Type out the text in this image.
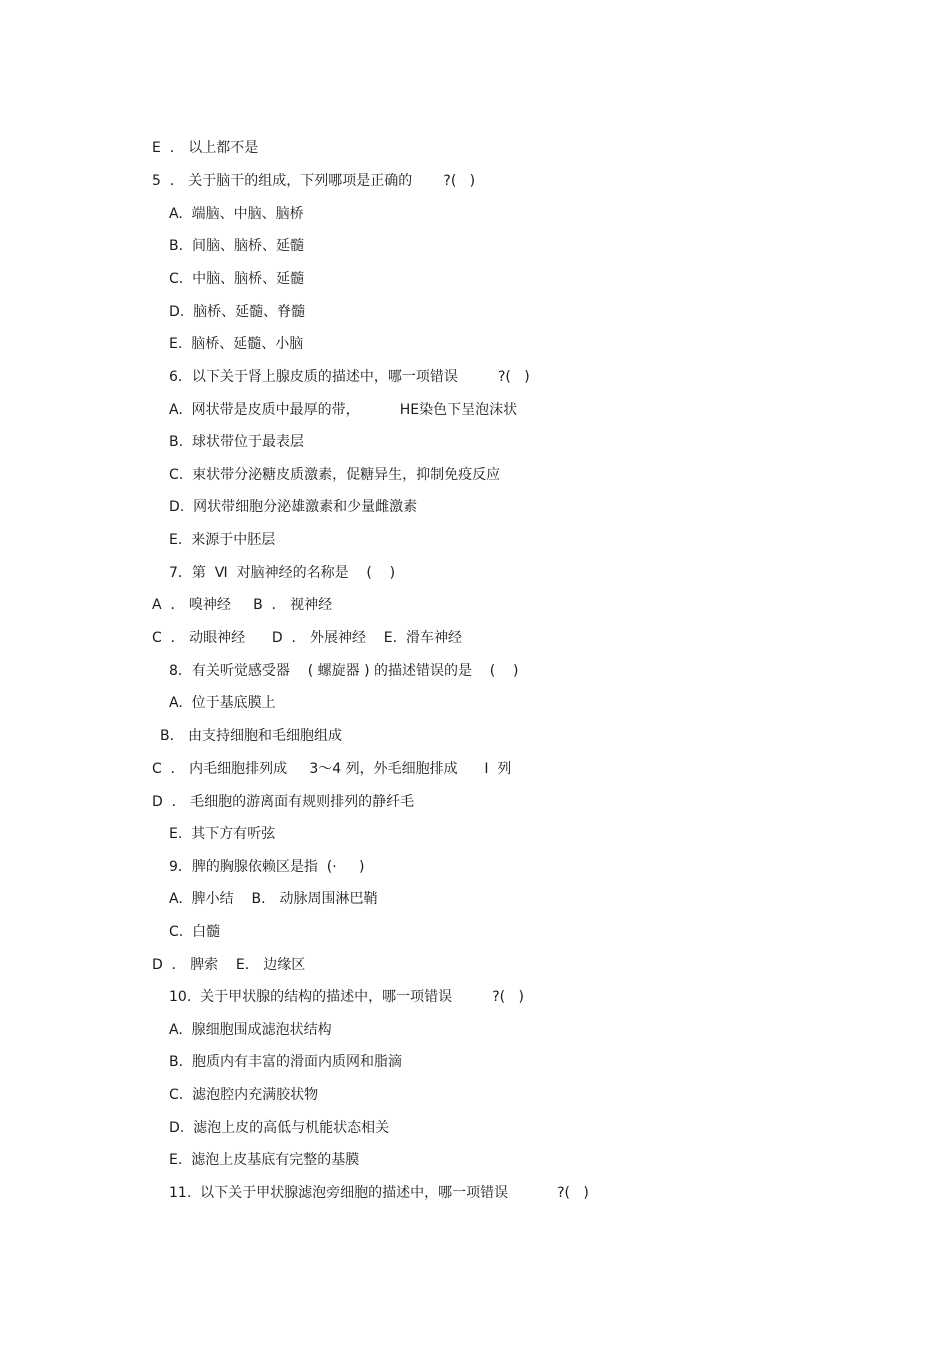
E  ． 以上都不是
5  ． 关于脑干的组成，下列哪项是正确的       ?(   )
A.  端脑、中脑、脑桥
B.  间脑、脑桥、延髓
C.  中脑、脑桥、延髓
D.  脑桥、延髓、脊髓
E.  脑桥、延髓、小脑
6．以下关于肾上腺皮质的描述中，哪一项错误         ?(   )
A.  网状带是皮质中最厚的带，         HE染色下呈泡沫状
B.  球状带位于最表层
C.  束状带分泌糖皮质激素，促糖异生，抑制免疫反应
D.  网状带细胞分泌雄激素和少量雌激素
E.  来源于中胚层
7．第  Ⅵ  对脑神经的名称是    (    )
A  ． 嗅神经     B  ． 视神经
C  ． 动眼神经      D  ． 外展神经    E.  滑车神经
8．有关听觉感受器    ( 螺旋器 ) 的描述错误的是    (    )
A.  位于基底膜上
B． 由支持细胞和毛细胞组成
C  ． 内毛细胞排列成     3～4 列，外毛细胞排成      I  列
D  ． 毛细胞的游离面有规则排列的静纤毛
E.  其下方有听弦
9．脾的胸腺依赖区是指  (·     )
A.  脾小结    B． 动脉周围淋巴鞘
C.  白髓
D  ． 脾索    E． 边缘区
10.  关于甲状腺的结构的描述中，哪一项错误         ?(   )
A.  腺细胞围成滤泡状结构
B.  胞质内有丰富的滑面内质网和脂滴
C.  滤泡腔内充满胶状物
D.  滤泡上皮的高低与机能状态相关
E.  滤泡上皮基底有完整的基膜
11.  以下关于甲状腺滤泡旁细胞的描述中，哪一项错误           ?(   )
